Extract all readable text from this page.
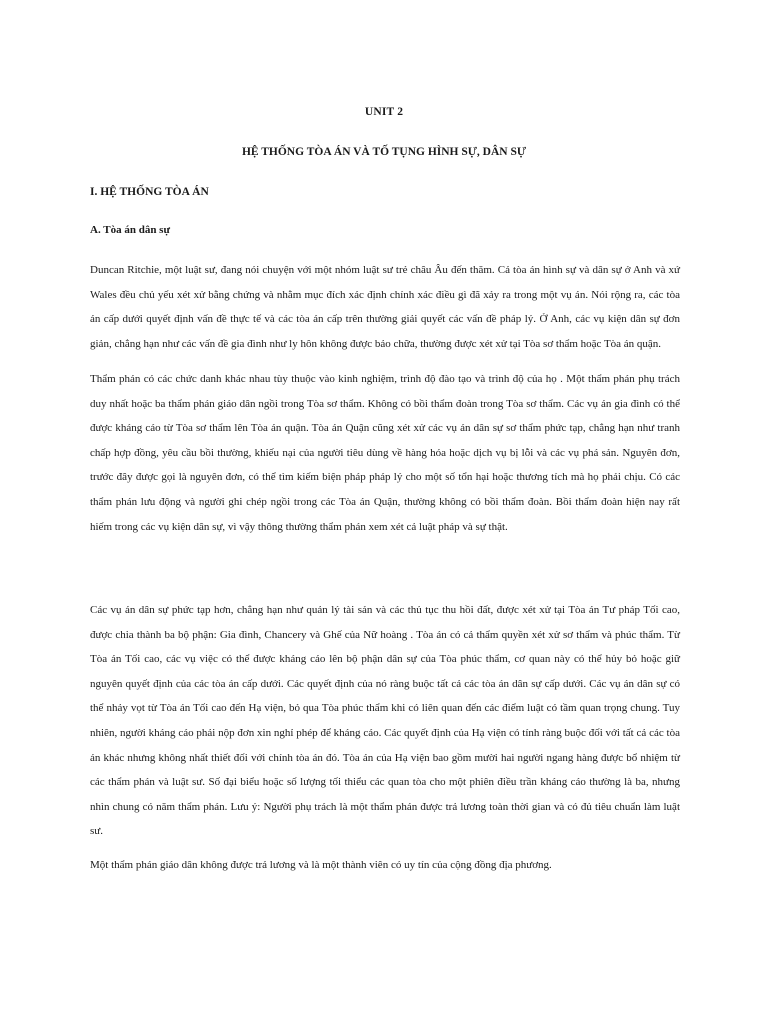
UNIT 2
HỆ THỐNG TÒA ÁN VÀ TỐ TỤNG HÌNH SỰ, DÂN SỰ
I. HỆ THỐNG TÒA ÁN
A. Tòa án dân sự

Duncan Ritchie, một luật sư, đang nói chuyện với một nhóm luật sư trẻ châu Âu đến thăm. Cả tòa án hình sự và dân sự ở Anh và xứ Wales đều chủ yếu xét xử bằng chứng và nhằm mục đích xác định chính xác điều gì đã xảy ra trong một vụ án. Nói rộng ra, các tòa án cấp dưới quyết định vấn đề thực tế và các tòa án cấp trên thường giải quyết các vấn đề pháp lý. Ở Anh, các vụ kiện dân sự đơn giản, chẳng hạn như các vấn đề gia đình như ly hôn không được bảo chữa, thường được xét xử tại Tòa sơ thẩm hoặc Tòa án quận.

Thẩm phán có các chức danh khác nhau tùy thuộc vào kinh nghiệm, trình độ đào tạo và trình độ của họ . Một thẩm phán phụ trách duy nhất hoặc ba thẩm phán giáo dân ngồi trong Tòa sơ thẩm. Không có bồi thẩm đoàn trong Tòa sơ thẩm. Các vụ án gia đình có thể được kháng cáo từ Tòa sơ thẩm lên Tòa án quận. Tòa án Quận cũng xét xử các vụ án dân sự sơ thẩm phức tạp, chẳng hạn như tranh chấp hợp đồng, yêu cầu bồi thường, khiếu nại của người tiêu dùng về hàng hóa hoặc dịch vụ bị lỗi và các vụ phá sản. Nguyên đơn, trước đây được gọi là nguyên đơn, có thể tìm kiếm biện pháp pháp lý cho một số tổn hại hoặc thương tích mà họ phải chịu. Có các thẩm phán lưu động và người ghi chép ngồi trong các Tòa án Quận, thường không có bồi thẩm đoàn. Bồi thẩm đoàn hiện nay rất hiếm trong các vụ kiện dân sự, vì vậy thông thường thẩm phán xem xét cả luật pháp và sự thật.

Các vụ án dân sự phức tạp hơn, chẳng hạn như quản lý tài sản và các thủ tục thu hồi đất, được xét xử tại Tòa án Tư pháp Tối cao, được chia thành ba bộ phận: Gia đình, Chancery và Ghế của Nữ hoàng . Tòa án có cả thẩm quyền xét xử sơ thẩm và phúc thẩm. Từ Tòa án Tối cao, các vụ việc có thể được kháng cáo lên bộ phận dân sự của Tòa phúc thẩm, cơ quan này có thể hủy bỏ hoặc giữ nguyên quyết định của các tòa án cấp dưới. Các quyết định của nó ràng buộc tất cả các tòa án dân sự cấp dưới. Các vụ án dân sự có thể nhảy vọt từ Tòa án Tối cao đến Hạ viện, bỏ qua Tòa phúc thẩm khi có liên quan đến các điểm luật có tầm quan trọng chung. Tuy nhiên, người kháng cáo phải nộp đơn xin nghỉ phép để kháng cáo. Các quyết định của Hạ viện có tính ràng buộc đối với tất cả các tòa án khác nhưng không nhất thiết đối với chính tòa án đó. Tòa án của Hạ viện bao gồm mười hai người ngang hàng được bổ nhiệm từ các thẩm phán và luật sư. Số đại biểu hoặc số lượng tối thiểu các quan tòa cho một phiên điều trần kháng cáo thường là ba, nhưng nhìn chung có năm thẩm phán. Lưu ý: Người phụ trách là một thẩm phán được trả lương toàn thời gian và có đủ tiêu chuẩn làm luật sư.

Một thẩm phán giáo dân không được trả lương và là một thành viên có uy tín của cộng đồng địa phương.
